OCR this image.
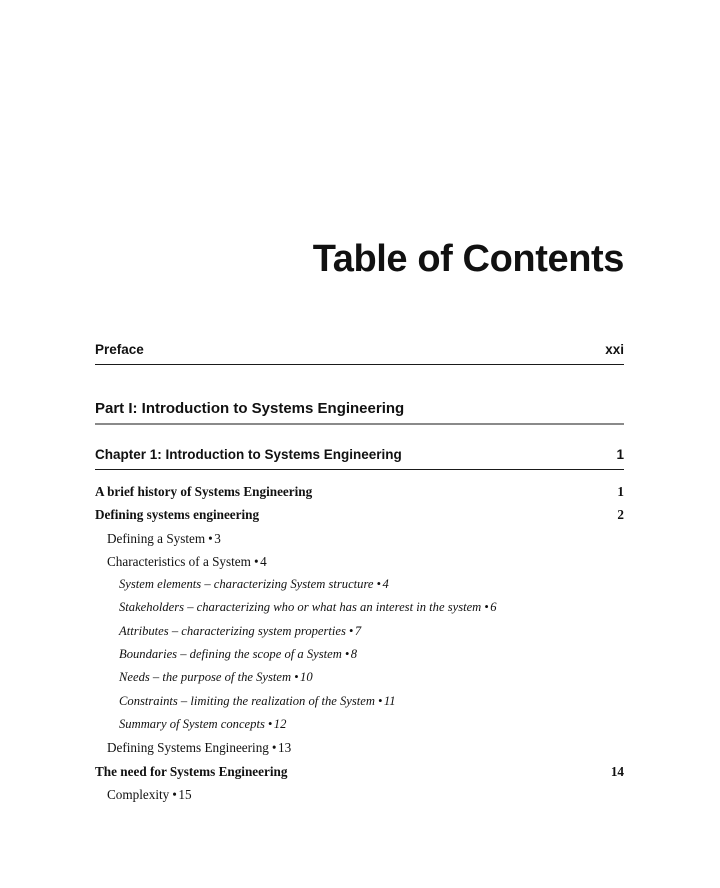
Table of Contents
Preface	xxi
Part I: Introduction to Systems Engineering
Chapter 1: Introduction to Systems Engineering	1
A brief history of Systems Engineering	1
Defining systems engineering	2
Defining a System •3
Characteristics of a System •4
System elements – characterizing System structure •4
Stakeholders – characterizing who or what has an interest in the system •6
Attributes – characterizing system properties •7
Boundaries – defining the scope of a System •8
Needs – the purpose of the System •10
Constraints – limiting the realization of the System •11
Summary of System concepts •12
Defining Systems Engineering •13
The need for Systems Engineering	14
Complexity •15
